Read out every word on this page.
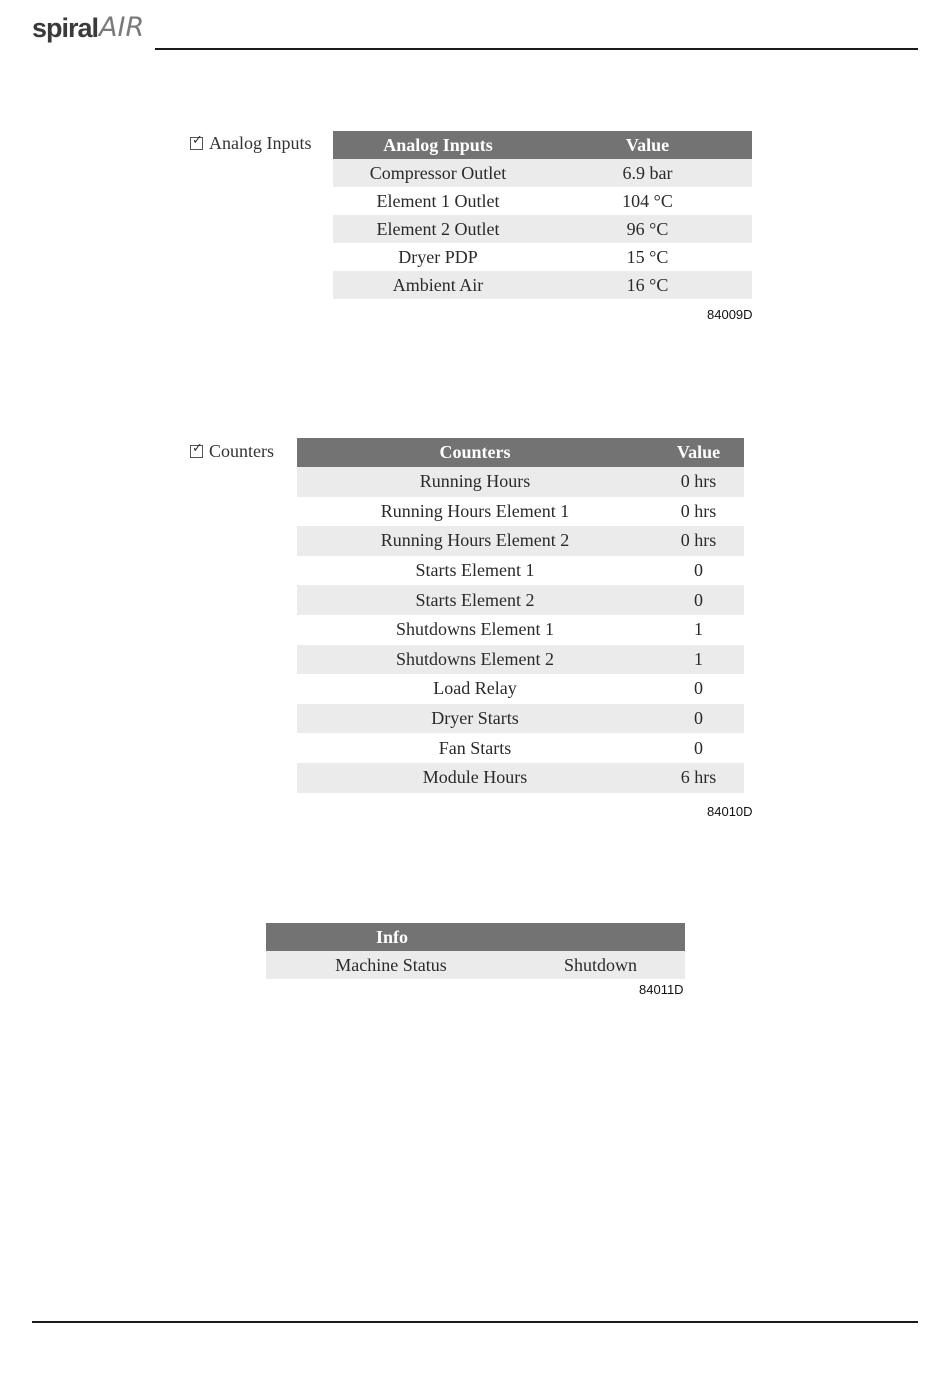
spiral AIR
✓ Analog Inputs	Analog Inputs	Value
Compressor Outlet	6.9 bar
Element 1 Outlet	104 °C
Element 2 Outlet	96 °C
Dryer PDP	15 °C
Ambient Air	16 °C
84009D
✓ Counters	Counters	Value
Running Hours	0 hrs
Running Hours Element 1	0 hrs
Running Hours Element 2	0 hrs
Starts Element 1	0
Starts Element 2	0
Shutdowns Element 1	1
Shutdowns Element 2	1
Load Relay	0
Dryer Starts	0
Fan Starts	0
Module Hours	6 hrs
84010D
Info
Machine Status	Shutdown
84011D
